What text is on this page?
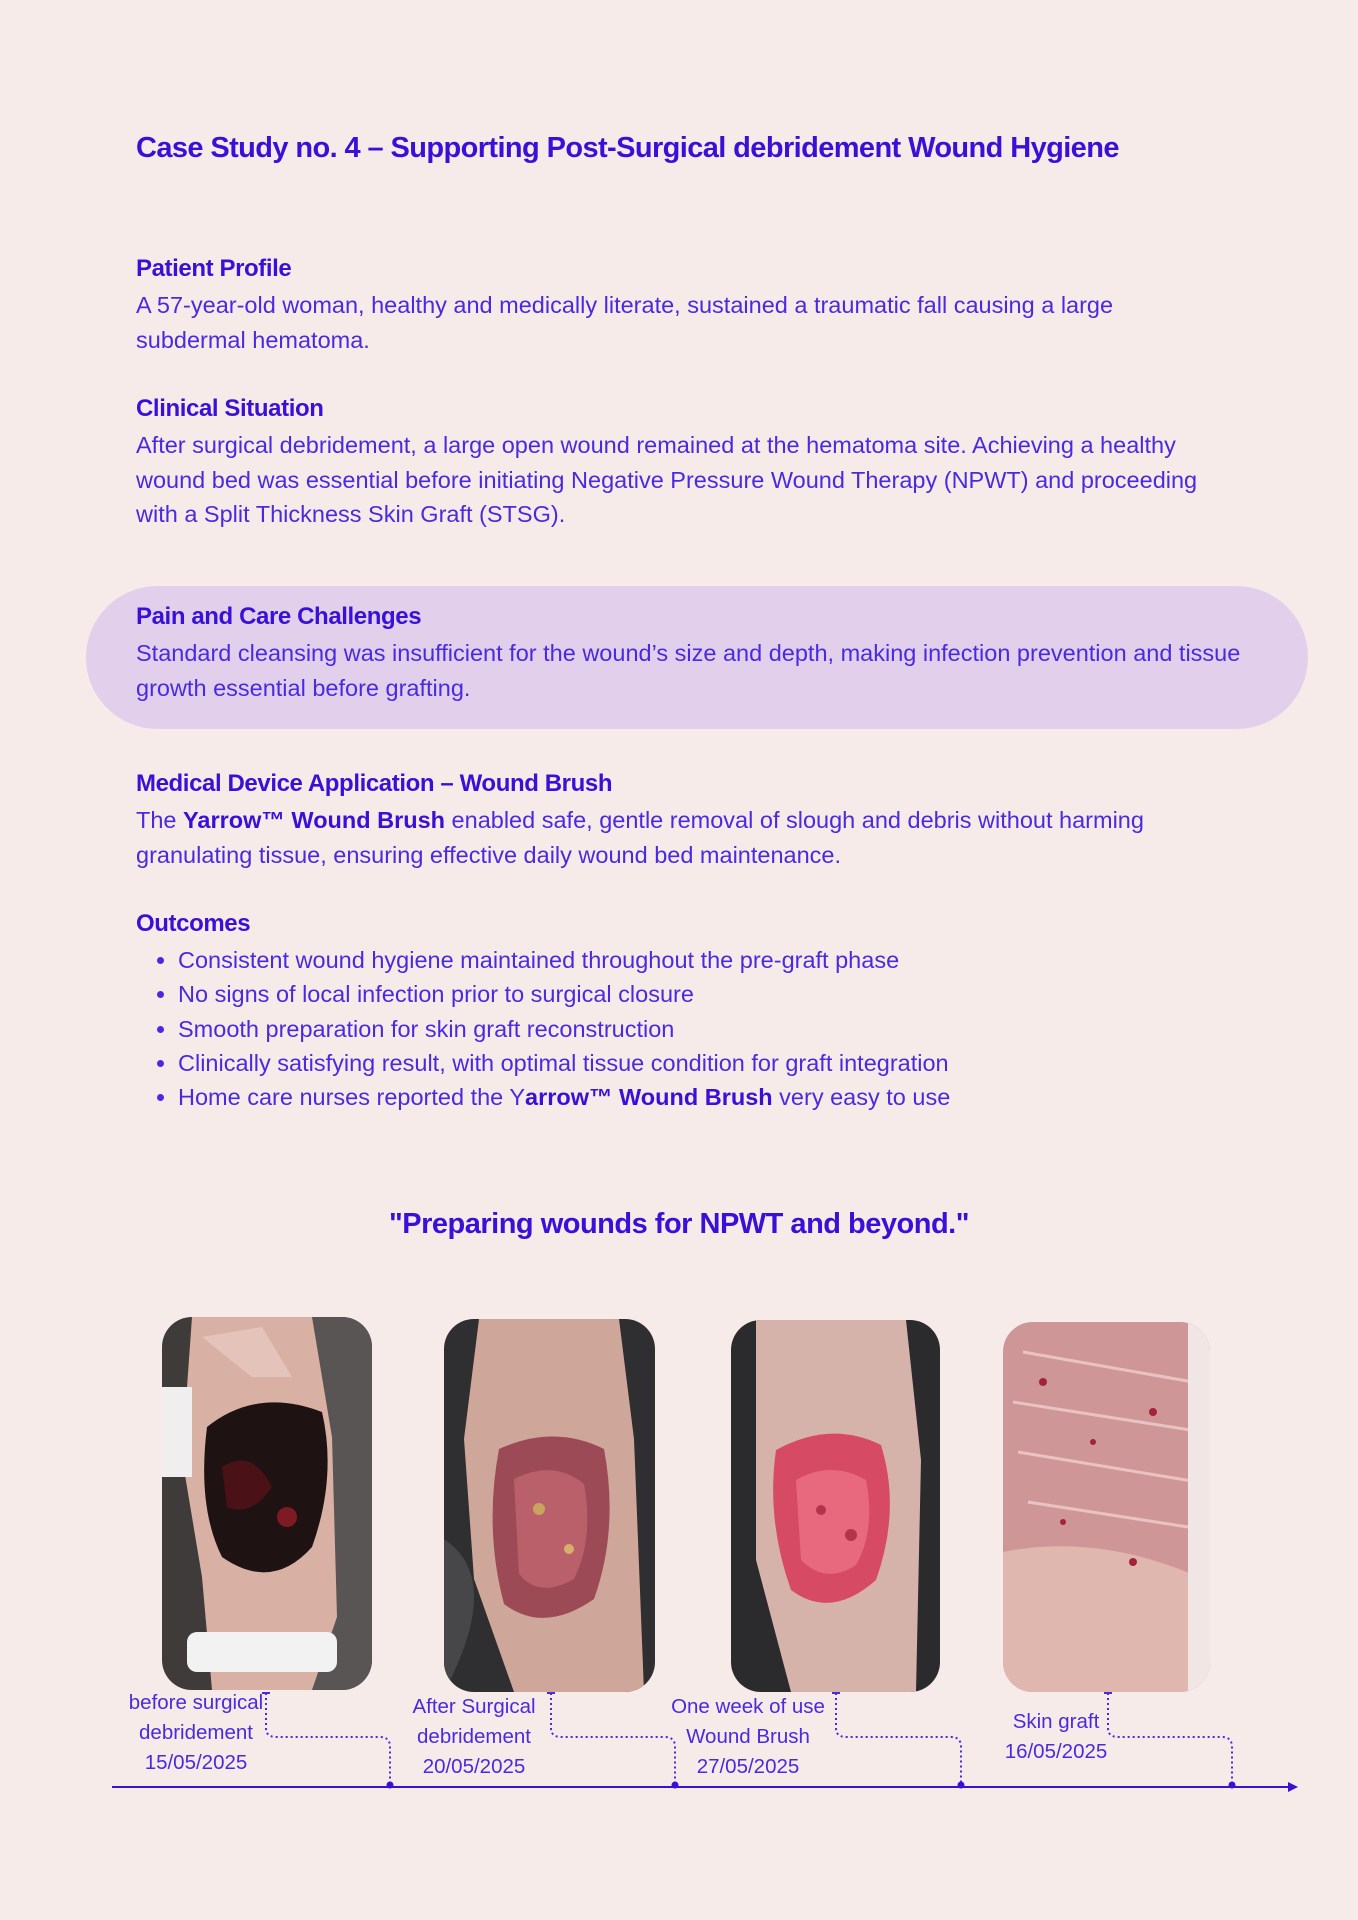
Case Study no. 4 – Supporting Post-Surgical debridement Wound Hygiene
Patient Profile

A 57-year-old woman, healthy and medically literate, sustained a traumatic fall causing a large subdermal hematoma.

Clinical Situation

After surgical debridement, a large open wound remained at the hematoma site. Achieving a healthy wound bed was essential before initiating Negative Pressure Wound Therapy (NPWT) and proceeding with a Split Thickness Skin Graft (STSG).

Pain and Care Challenges

Standard cleansing was insufficient for the wound’s size and depth, making infection prevention and tissue growth essential before grafting.

Medical Device Application – Wound Brush

The Yarrow™ Wound Brush enabled safe, gentle removal of slough and debris without harming granulating tissue, ensuring effective daily wound bed maintenance.

Outcomes
• Consistent wound hygiene maintained throughout the pre-graft phase
• No signs of local infection prior to surgical closure
• Smooth preparation for skin graft reconstruction
• Clinically satisfying result, with optimal tissue condition for graft integration
• Home care nurses reported the Yarrow™ Wound Brush very easy to use

"Preparing wounds for NPWT and beyond."

before surgical
debridement
15/05/2025
After Surgical
debridement
20/05/2025
One week of use
Wound Brush
27/05/2025
Skin graft
16/05/2025
